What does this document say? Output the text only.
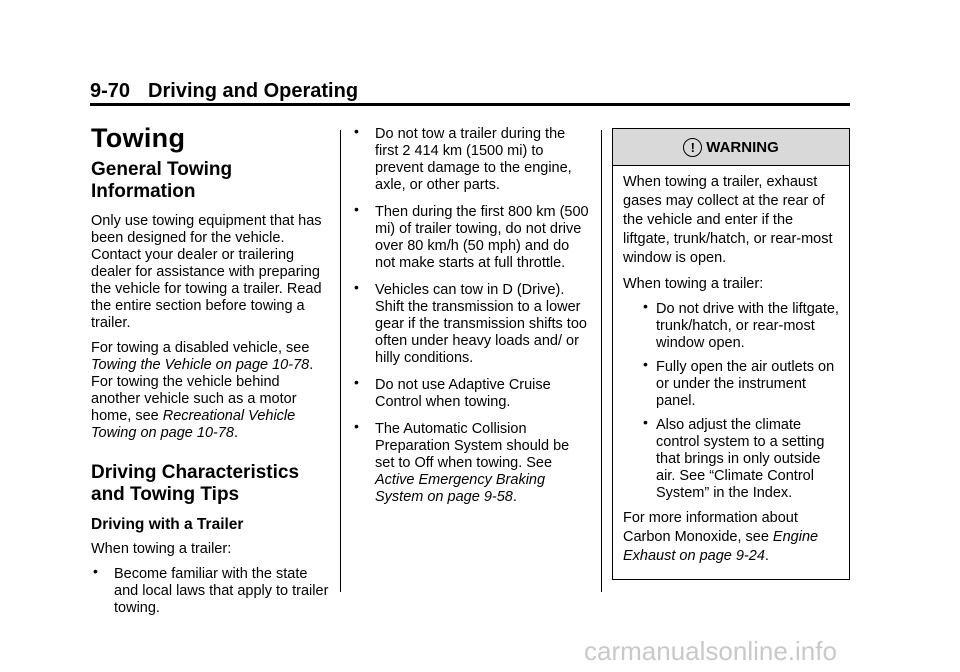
9-70 Driving and Operating
Towing
General Towing Information

Only use towing equipment that has been designed for the vehicle. Contact your dealer or trailering dealer for assistance with preparing the vehicle for towing a trailer. Read the entire section before towing a trailer.

For towing a disabled vehicle, see Towing the Vehicle on page 10-78. For towing the vehicle behind another vehicle such as a motor home, see Recreational Vehicle Towing on page 10-78.

Driving Characteristics and Towing Tips
Driving with a Trailer

When towing a trailer:

• Become familiar with the state and local laws that apply to trailer towing.
• Do not tow a trailer during the first 2 414 km (1500 mi) to prevent damage to the engine, axle, or other parts.
• Then during the first 800 km (500 mi) of trailer towing, do not drive over 80 km/h (50 mph) and do not make starts at full throttle.
• Vehicles can tow in D (Drive). Shift the transmission to a lower gear if the transmission shifts too often under heavy loads and/ or hilly conditions.
• Do not use Adaptive Cruise Control when towing.
• The Automatic Collision Preparation System should be set to Off when towing. See Active Emergency Braking System on page 9-58.
! WARNING

When towing a trailer, exhaust gases may collect at the rear of the vehicle and enter if the liftgate, trunk/hatch, or rear-most window is open.

When towing a trailer:

• Do not drive with the liftgate, trunk/hatch, or rear-most window open.
• Fully open the air outlets on or under the instrument panel.
• Also adjust the climate control system to a setting that brings in only outside air. See “Climate Control System” in the Index.

For more information about Carbon Monoxide, see Engine Exhaust on page 9-24.

carmanualsonline.info
